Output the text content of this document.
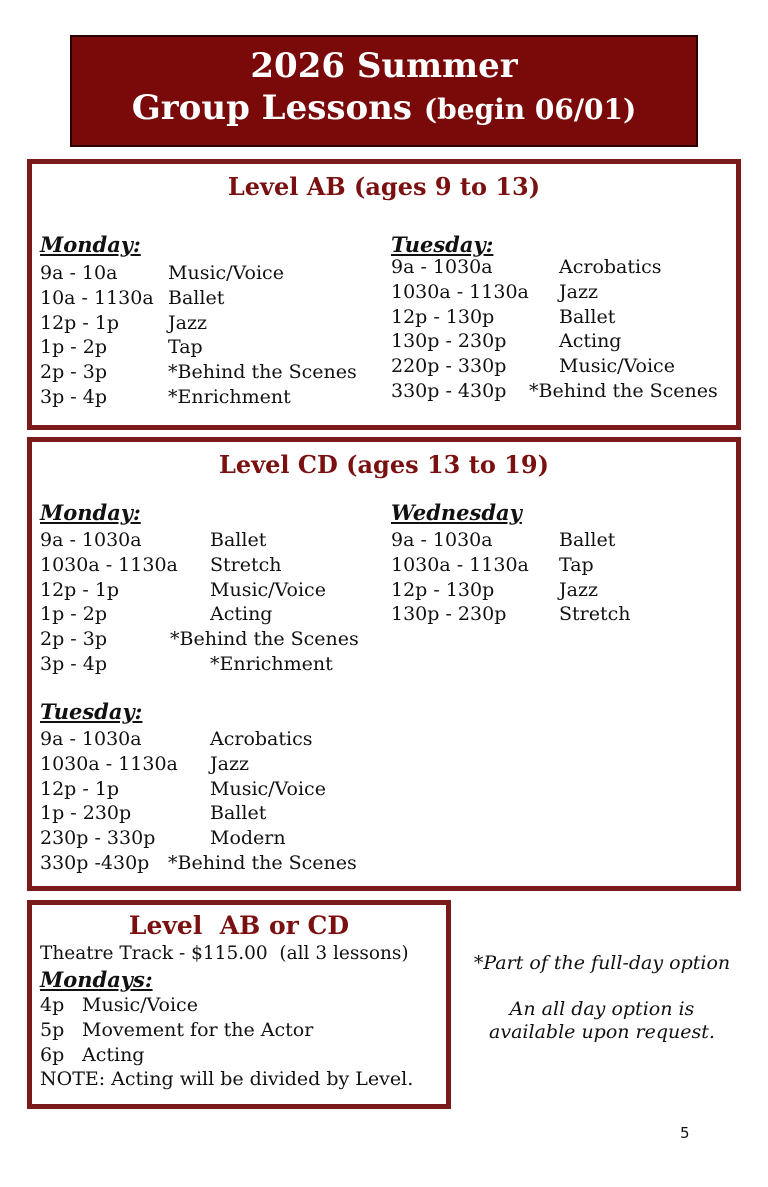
2026 Summer
Group Lessons (begin 06/01)
Level AB (ages 9 to 13)
Monday:
9a - 10a	Music/Voice
10a - 1130a Ballet
12p - 1p	Jazz
1p - 2p	Tap
2p - 3p	*Behind the Scenes
3p - 4p	*Enrichment
Tuesday:
9a - 1030a	Acrobatics
1030a - 1130a Jazz
12p - 130p	Ballet
130p - 230p	Acting
220p - 330p	Music/Voice
330p - 430p *Behind the Scenes
Level CD (ages 13 to 19)
Monday:
9a - 1030a	Ballet
1030a - 1130a Stretch
12p - 1p	Music/Voice
1p - 2p	Acting
2p - 3p	*Behind the Scenes
3p - 4p	*Enrichment
Wednesday
9a - 1030a	Ballet
1030a - 1130a Tap
12p - 130p	Jazz
130p - 230p	Stretch
Tuesday:
9a - 1030a	Acrobatics
1030a - 1130a Jazz
12p - 1p	Music/Voice
1p - 230p	Ballet
230p - 330p	Modern
330p -430p *Behind the Scenes
Level  AB or CD
Theatre Track - $115.00  (all 3 lessons)
Mondays:
4p Music/Voice
5p Movement for the Actor
6p Acting
NOTE: Acting will be divided by Level.
*Part of the full-day option
An all day option is
available upon request.
5
